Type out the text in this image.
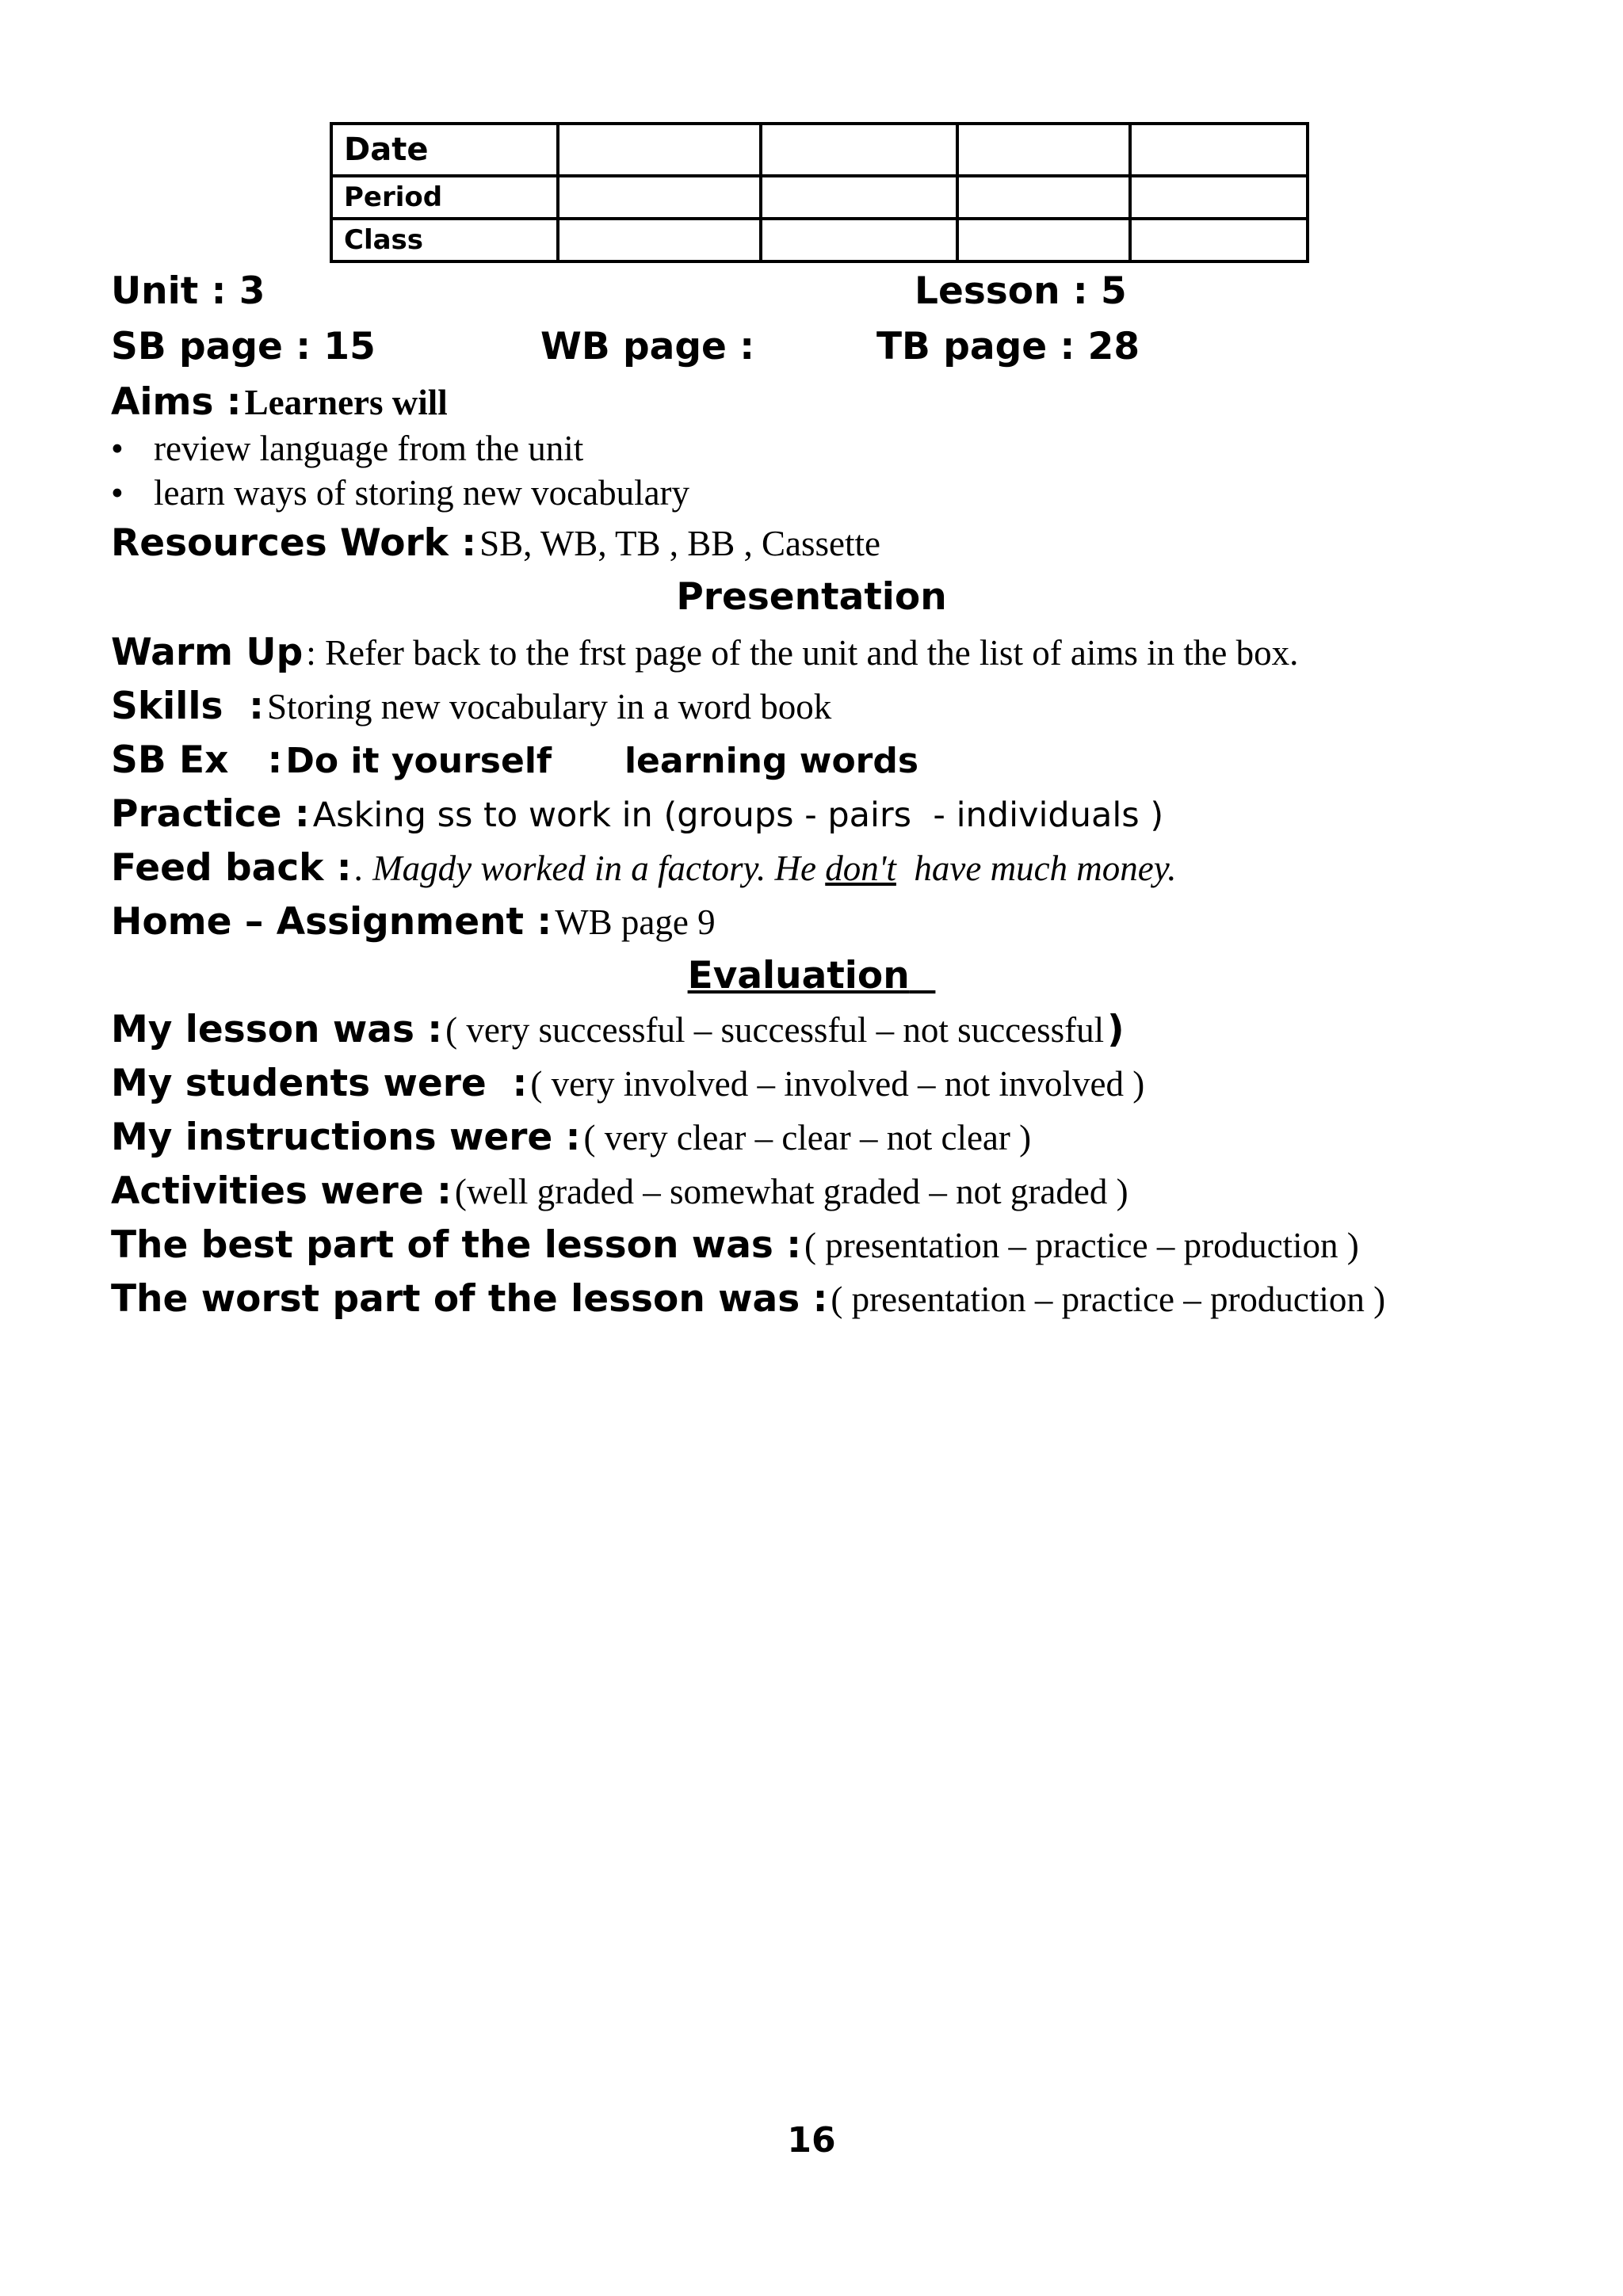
Date				
Period				
Class				
Unit : 3	Lesson : 5
SB page : 15	WB page :	TB page : 28
Aims : Learners will
• review language from the unit
• learn ways of storing new vocabulary
Resources Work : SB, WB, TB , BB , Cassette
Presentation
Warm Up : Refer back to the frst page of the unit and the list of aims in the box.
Skills  : Storing new vocabulary in a word book
SB Ex   : Do it yourself      learning words
Practice : Asking ss to work in (groups - pairs  - individuals )
Feed back : . Magdy worked in a factory. He don't  have much money.
Home – Assignment : WB page 9
Evaluation
My lesson was : ( very successful – successful – not successful )
My students were  : ( very involved – involved – not involved )
My instructions were : ( very clear – clear – not clear )
Activities were : (well graded – somewhat graded – not graded )
The best part of the lesson was : ( presentation – practice – production )
The worst part of the lesson was : ( presentation – practice – production )
16
